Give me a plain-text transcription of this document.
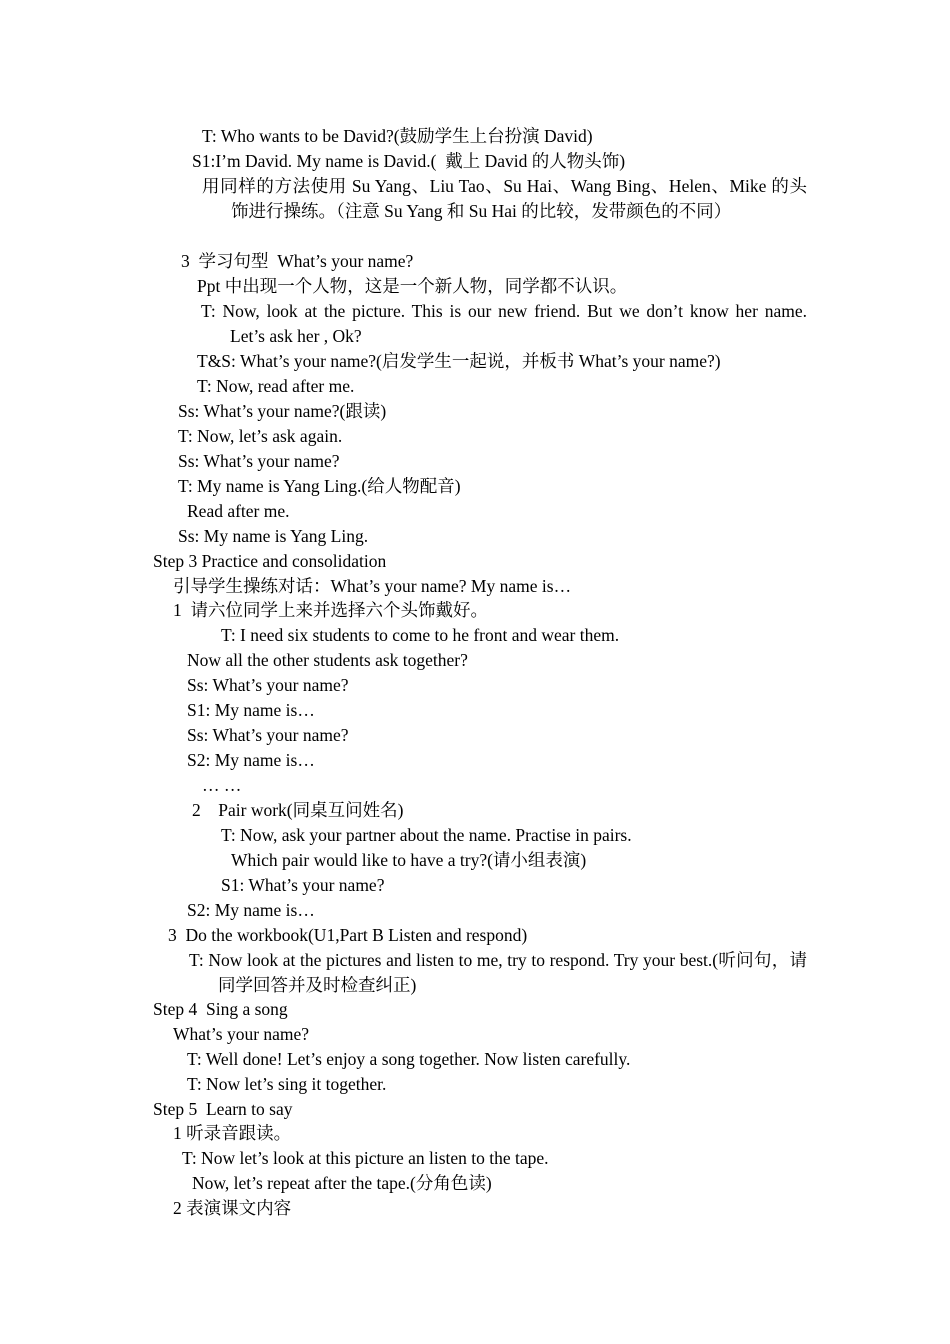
T: Who wants to be David?(鼓励学生上台扮演 David)
S1:I’m David. My name is David.(  戴上 David 的人物头饰)
用同样的方法使用 Su Yang、Liu Tao、Su Hai、Wang Bing、Helen、Mike 的头饰进行操练。（注意 Su Yang 和 Su Hai 的比较，发带颜色的不同）
3  学习句型  What’s your name?
Ppt 中出现一个人物，这是一个新人物，同学都不认识。
T: Now, look at the picture. This is our new friend. But we don’t know her name. Let’s ask her , Ok?
T&S: What’s your name?(启发学生一起说，并板书 What’s your name?)
T: Now, read after me.
Ss: What’s your name?(跟读)
T: Now, let’s ask again.
Ss: What’s your name?
T: My name is Yang Ling.(给人物配音)
Read after me.
Ss: My name is Yang Ling.
Step 3 Practice and consolidation
引导学生操练对话：What’s your name? My name is…
1  请六位同学上来并选择六个头饰戴好。
T: I need six students to come to he front and wear them.
Now all the other students ask together?
Ss: What’s your name?
S1: My name is…
Ss: What’s your name?
S2: My name is…
… …
2    Pair work(同桌互问姓名)
T: Now, ask your partner about the name. Practise in pairs.
Which pair would like to have a try?(请小组表演)
S1: What’s your name?
S2: My name is…
3  Do the workbook(U1,Part B Listen and respond)
T: Now look at the pictures and listen to me, try to respond. Try your best.(听问句，请同学回答并及时检查纠正)
Step 4  Sing a song
What’s your name?
T: Well done! Let’s enjoy a song together. Now listen carefully.
T: Now let’s sing it together.
Step 5  Learn to say
1 听录音跟读。
T: Now let’s look at this picture an listen to the tape.
Now, let’s repeat after the tape.(分角色读)
2 表演课文内容
